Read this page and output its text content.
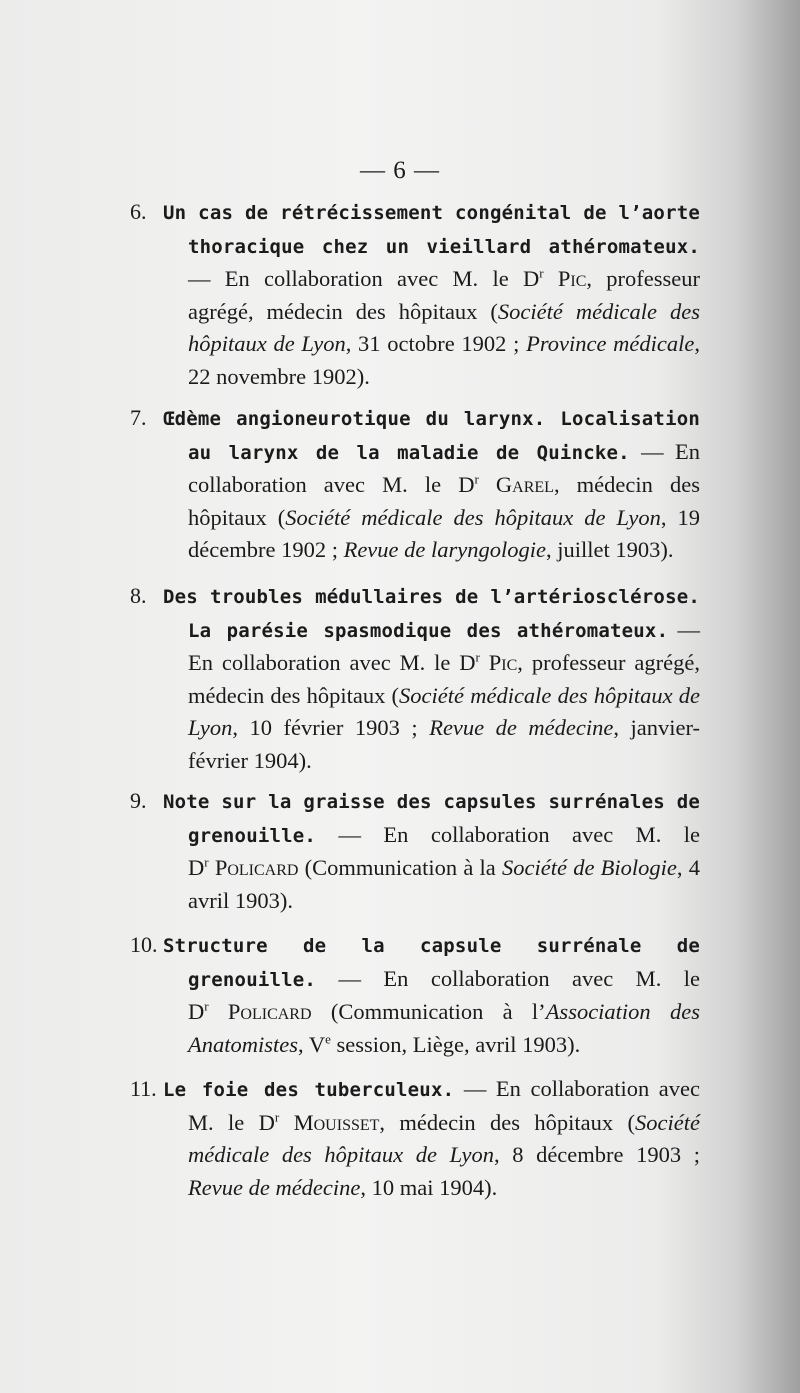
— 6 —
6. Un cas de rétrécissement congénital de l’aorte thoracique chez un vieillard athéromateux. — En collaboration avec M. le $D^r$ Pic, professeur agrégé, médecin des hôpitaux (Société médicale des hôpitaux de Lyon, 31 octobre 1902 ; Province médicale, 22 novembre 1902).
7. Œdème angioneurotique du larynx. Localisation au larynx de la maladie de Quincke. — En collaboration avec M. le $D^r$ Garel, médecin des hôpitaux (Société médicale des hôpitaux de Lyon, 19 décembre 1902 ; Revue de laryngologie, juillet 1903).
8. Des troubles médullaires de l’artériosclérose. La parésie spasmodique des athéromateux. — En collaboration avec M. le $D^r$ Pic, professeur agrégé, médecin des hôpitaux (Société médicale des hôpitaux de Lyon, 10 février 1903 ; Revue de médecine, janvier-février 1904).
9. Note sur la graisse des capsules surrénales de grenouille. — En collaboration avec M. le $D^r$ Policard (Communication à la Société de Biologie, 4 avril 1903).
10. Structure de la capsule surrénale de grenouille. — En collaboration avec M. le $D^r$ Policard (Communication à l’Association des Anatomistes, Ve session, Liège, avril 1903).
11. Le foie des tuberculeux. — En collaboration avec M. le $D^r$ Mouisset, médecin des hôpitaux (Société médicale des hôpitaux de Lyon, 8 décembre 1903 ; Revue de médecine, 10 mai 1904).
